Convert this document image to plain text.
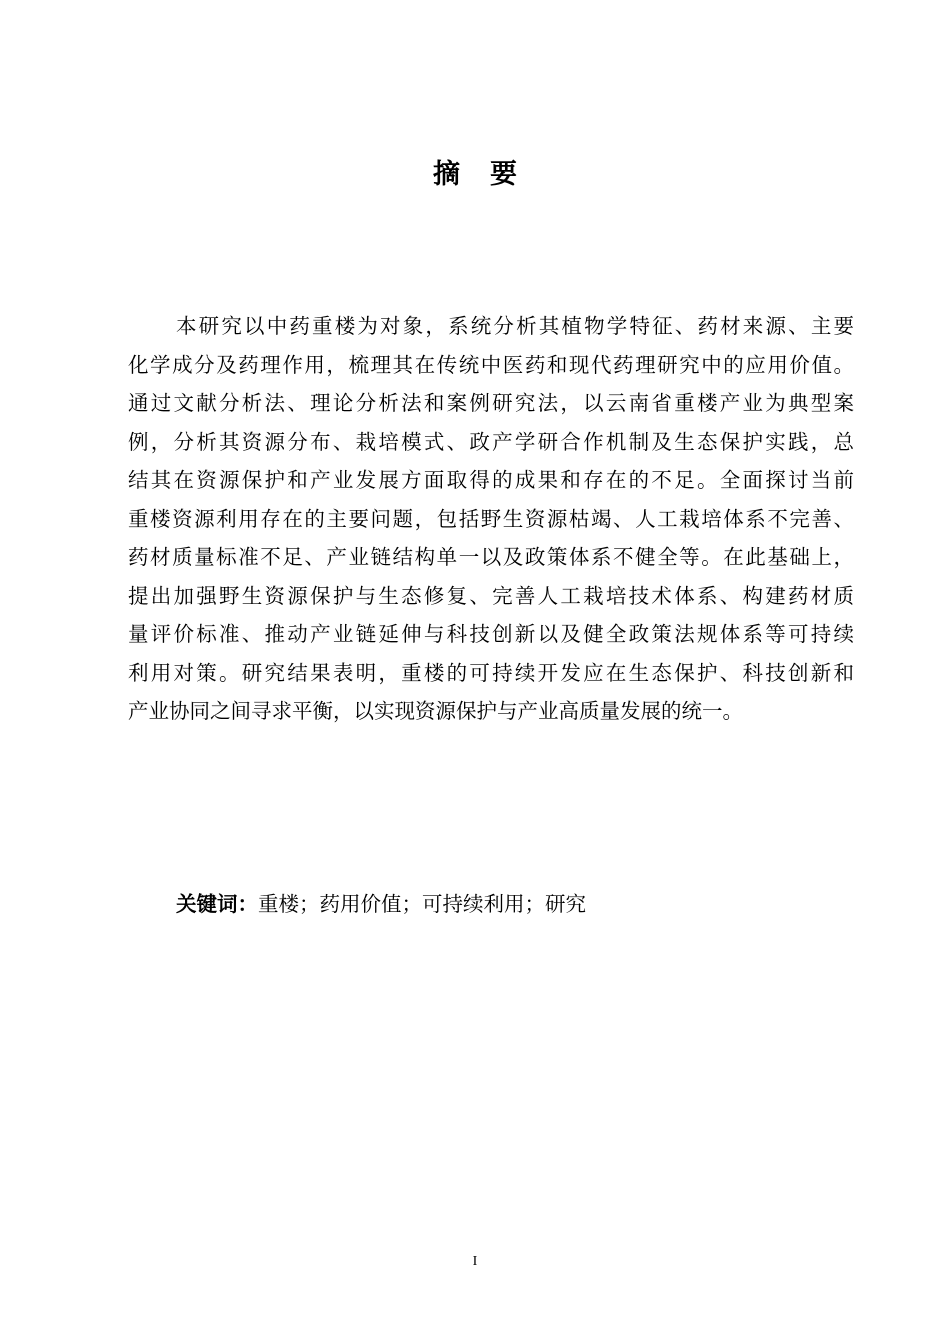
摘 要
本研究以中药重楼为对象，系统分析其植物学特征、药材来源、主要
化学成分及药理作用，梳理其在传统中医药和现代药理研究中的应用价值。
通过文献分析法、理论分析法和案例研究法，以云南省重楼产业为典型案
例，分析其资源分布、栽培模式、政产学研合作机制及生态保护实践，总
结其在资源保护和产业发展方面取得的成果和存在的不足。全面探讨当前
重楼资源利用存在的主要问题，包括野生资源枯竭、人工栽培体系不完善、
药材质量标准不足、产业链结构单一以及政策体系不健全等。在此基础上，
提出加强野生资源保护与生态修复、完善人工栽培技术体系、构建药材质
量评价标准、推动产业链延伸与科技创新以及健全政策法规体系等可持续
利用对策。研究结果表明，重楼的可持续开发应在生态保护、科技创新和
产业协同之间寻求平衡，以实现资源保护与产业高质量发展的统一。
关键词：重楼；药用价值；可持续利用；研究
I
